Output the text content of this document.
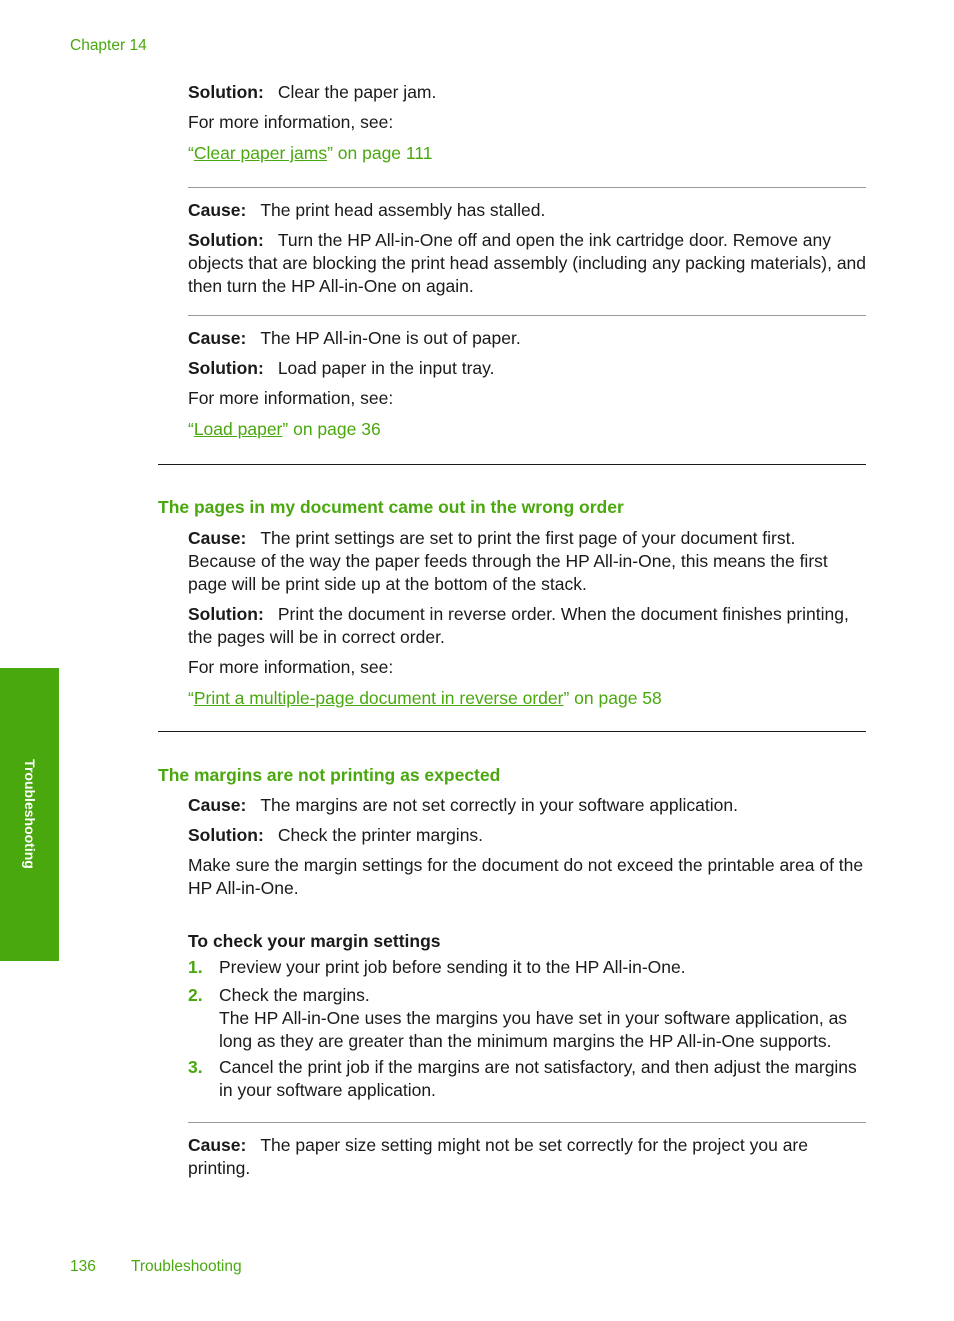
Chapter 14

Solution: Clear the paper jam.

For more information, see:

“Clear paper jams” on page 111

Cause: The print head assembly has stalled.

Solution: Turn the HP All-in-One off and open the ink cartridge door. Remove any objects that are blocking the print head assembly (including any packing materials), and then turn the HP All-in-One on again.

Cause: The HP All-in-One is out of paper.

Solution: Load paper in the input tray.

For more information, see:

“Load paper” on page 36

The pages in my document came out in the wrong order

Cause: The print settings are set to print the first page of your document first. Because of the way the paper feeds through the HP All-in-One, this means the first page will be print side up at the bottom of the stack.

Solution: Print the document in reverse order. When the document finishes printing, the pages will be in correct order.

For more information, see:

“Print a multiple-page document in reverse order” on page 58

The margins are not printing as expected

Cause: The margins are not set correctly in your software application.

Solution: Check the printer margins.

Make sure the margin settings for the document do not exceed the printable area of the HP All-in-One.

To check your margin settings
1. Preview your print job before sending it to the HP All-in-One.
2. Check the margins.
The HP All-in-One uses the margins you have set in your software application, as long as they are greater than the minimum margins the HP All-in-One supports.
3. Cancel the print job if the margins are not satisfactory, and then adjust the margins in your software application.

Cause: The paper size setting might not be set correctly for the project you are printing.

Troubleshooting
136 Troubleshooting
